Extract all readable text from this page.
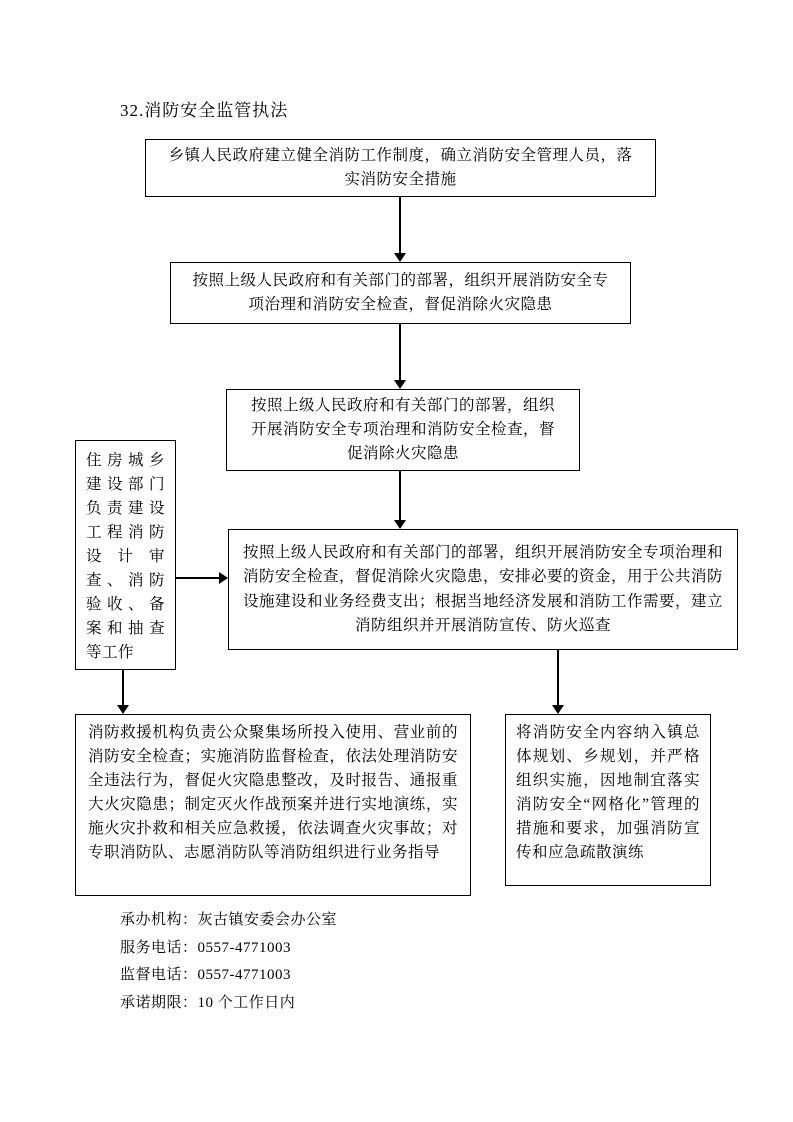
32.消防安全监管执法
乡镇人民政府建立健全消防工作制度，确立消防安全管理人员，落实消防安全措施
按照上级人民政府和有关部门的部署，组织开展消防安全专项治理和消防安全检查，督促消除火灾隐患
按照上级人民政府和有关部门的部署，组织开展消防安全专项治理和消防安全检查，督促消除火灾隐患
住房城乡建设部门负责建设工程消防设计审查、消防验收、备案和抽查等工作
按照上级人民政府和有关部门的部署，组织开展消防安全专项治理和消防安全检查，督促消除火灾隐患，安排必要的资金，用于公共消防设施建设和业务经费支出；根据当地经济发展和消防工作需要，建立消防组织并开展消防宣传、防火巡查
消防救援机构负责公众聚集场所投入使用、营业前的消防安全检查；实施消防监督检查，依法处理消防安全违法行为，督促火灾隐患整改，及时报告、通报重大火灾隐患；制定灭火作战预案并进行实地演练，实施火灾扑救和相关应急救援，依法调查火灾事故；对专职消防队、志愿消防队等消防组织进行业务指导
将消防安全内容纳入镇总体规划、乡规划，并严格组织实施，因地制宜落实消防安全“网格化”管理的措施和要求，加强消防宣传和应急疏散演练
承办机构：灰古镇安委会办公室
服务电话：0557-4771003
监督电话：0557-4771003
承诺期限：10 个工作日内
